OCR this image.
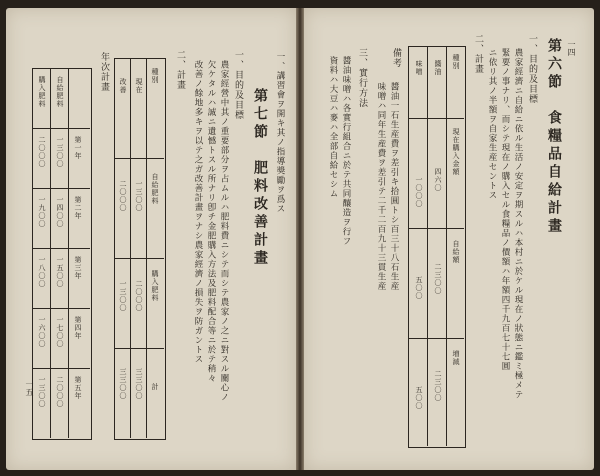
一四
第六節　食糧品自給計畫
一、目的及目標
農家經濟ニ自給ニ依ル生活ノ安定ヲ期スルハ本村ニ於ケル現在ノ狀態ニ鑑ミ極メテ
緊要ノ事ナリ、而シテ現在ノ購入セル食糧品ノ價額ハ年額四千九百七十七圓
ニ依リ其ノ半額ヲ自家生産セントス
二、計畫
種別
現在購入金額
自給額
増減
醬油
四六〇
二三〇〇
二三〇〇
味噌
一〇〇〇
五〇〇
五〇〇
備考
醬油一石生産費ヲ差引キ拾圓トシ百三十八石生産
味噌ハ同年生産費ヲ差引テ二千二百九十三貫生産
三、實行方法
醬油味噌ハ各實行組合ニ於テ共同釀造ヲ行フ
資料ハ大豆ハ麥ハ全部自給セシム
一五
一、講習會ヲ開キ其ノ指導獎勵ヲ爲ス
第七節　肥料改善計畫
一、目的及目標
農家經營中其ノ重要部分ヲ占ムルハ肥料費ニシテ而シテ農家ノ之ニ對スル關心ノ
欠ケタルハ誠ニ遺憾トスル所ナリ卽チ金肥購入方法及肥料配合等ニ於テ稍々
改善ノ餘地多キヲ以テ之ガ改善計畫ヲナシ農家經濟ノ損失ヲ防ガントス
二、計畫
種別
自給肥料
購入肥料
計
現在
一三〇〇
二〇〇〇
三三〇〇
改善
二〇〇〇
一三〇〇
三三〇〇
年次計畫
第一年
第二年
第三年
第四年
第五年
自給肥料
購入肥料
一三〇〇
一四〇〇
一五〇〇
一七〇〇
二〇〇〇
二〇〇〇
一九〇〇
一八〇〇
一六〇〇
一三〇〇
